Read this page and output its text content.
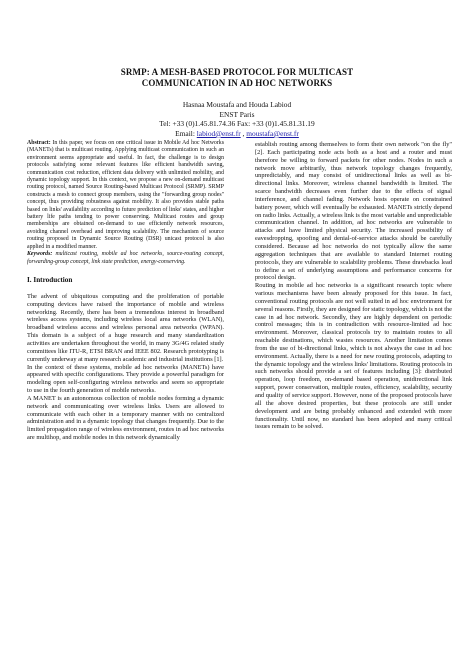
SRMP: A MESH-BASED PROTOCOL FOR MULTICAST
COMMUNICATION IN AD HOC NETWORKS
Hasnaa Moustafa and Houda Labiod
ENST Paris
Tel: +33 (0)1.45.81.74.36 Fax: +33 (0)1.45.81.31.19
Email: labiod@enst.fr , moustafa@enst.fr

Abstract: In this paper, we focus on one critical issue in Mobile Ad hoc Networks (MANETs) that is multicast routing. Applying multicast communication in such an environment seems appropriate and useful. In fact, the challenge is to design protocols satisfying some relevant features like efficient bandwidth saving, communication cost reduction, efficient data delivery with unlimited mobility, and dynamic topology support. In this context, we propose a new on-demand multicast routing protocol, named Source Routing-based Multicast Protocol (SRMP). SRMP constructs a mesh to connect group members, using the "forwarding group nodes" concept, thus providing robustness against mobility. It also provides stable paths based on links' availability according to future prediction of links' states, and higher battery life paths tending to power conserving. Multicast routes and group memberships are obtained on-demand to use efficiently network resources, avoiding channel overhead and improving scalability. The mechanism of source routing proposed in Dynamic Source Routing (DSR) unicast protocol is also applied in a modified manner.

Keywords: multicast routing, mobile ad hoc networks, source-routing concept, forwarding-group concept, link state prediction, energy-conserving.

I. Introduction

The advent of ubiquitous computing and the proliferation of portable computing devices have raised the importance of mobile and wireless networking. Recently, there has been a tremendous interest in broadband wireless access systems, including wireless local area networks (WLAN), broadband wireless access and wireless personal area networks (WPAN). This domain is a subject of a huge research and many standardization activities are undertaken throughout the world, in many 3G/4G related study committees like ITU-R, ETSI BRAN and IEEE 802. Research prototyping is currently underway at many research academic and industrial institutions [1].

In the context of these systems, mobile ad hoc networks (MANETs) have appeared with specific configurations. They provide a powerful paradigm for modeling open self-configuring wireless networks and seem so appropriate to use in the fourth generation of mobile networks.

A MANET is an autonomous collection of mobile nodes forming a dynamic network and communicating over wireless links. Users are allowed to communicate with each other in a temporary manner with no centralized administration and in a dynamic topology that changes frequently. Due to the limited propagation range of wireless environment, routes in ad hoc networks are multihop, and mobile nodes in this network dynamically

establish routing among themselves to form their own network "on the fly" [2]. Each participating node acts both as a host and a router and must therefore be willing to forward packets for other nodes. Nodes in such a network move arbitrarily, thus network topology changes frequently, unpredictably, and may consist of unidirectional links as well as bi-directional links. Moreover, wireless channel bandwidth is limited. The scarce bandwidth decreases even further due to the effects of signal interference, and channel fading. Network hosts operate on constrained battery power, which will eventually be exhausted. MANETs strictly depend on radio links. Actually, a wireless link is the most variable and unpredictable communication channel. In addition, ad hoc networks are vulnerable to attacks and have limited physical security. The increased possibility of eavesdropping, spoofing and denial-of-service attacks should be carefully considered. Because ad hoc networks do not typically allow the same aggregation techniques that are available to standard Internet routing protocols, they are vulnerable to scalability problems. These drawbacks lead to define a set of underlying assumptions and performance concerns for protocol design.

Routing in mobile ad hoc networks is a significant research topic where various mechanisms have been already proposed for this issue. In fact, conventional routing protocols are not well suited in ad hoc environment for several reasons. Firstly, they are designed for static topology, which is not the case in ad hoc network. Secondly, they are highly dependent on periodic control messages; this is in contradiction with resource-limited ad hoc environment. Moreover, classical protocols try to maintain routes to all reachable destinations, which wastes resources. Another limitation comes from the use of bi-directional links, which is not always the case in ad hoc environment. Actually, there is a need for new routing protocols, adapting to the dynamic topology and the wireless links' limitations. Routing protocols in such networks should provide a set of features including [3]: distributed operation, loop freedom, on-demand based operation, unidirectional link support, power conservation, multiple routes, efficiency, scalability, security and quality of service support. However, none of the proposed protocols have all the above desired properties, but these protocols are still under development and are being probably enhanced and extended with more functionality. Until now, no standard has been adopted and many critical issues remain to be solved.
